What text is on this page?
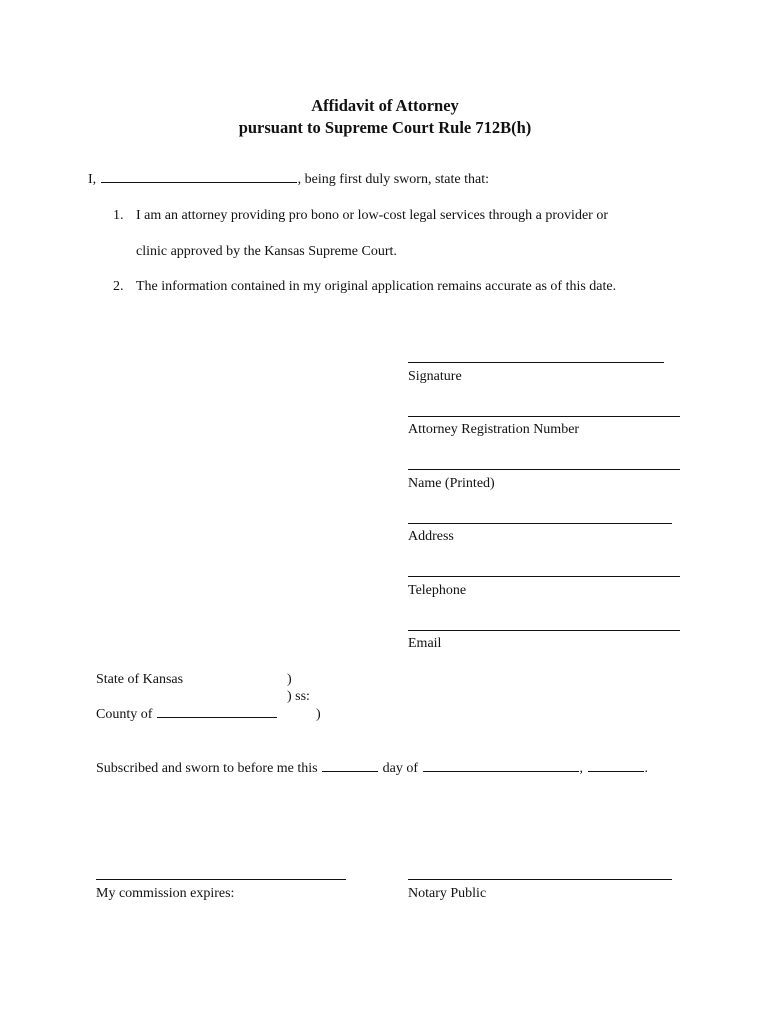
Affidavit of Attorney
pursuant to Supreme Court Rule 712B(h)
I,	, being first duly sworn, state that:
1. I am an attorney providing pro bono or low-cost legal services through a provider or
clinic approved by the Kansas Supreme Court.
2. The information contained in my original application remains accurate as of this date.
Signature
Attorney Registration Number
Name (Printed)
Address
Telephone
Email
State of Kansas	)
) ss:
County of	)
Subscribed and sworn to before me this	day of	,	.
My commission expires:	Notary Public
